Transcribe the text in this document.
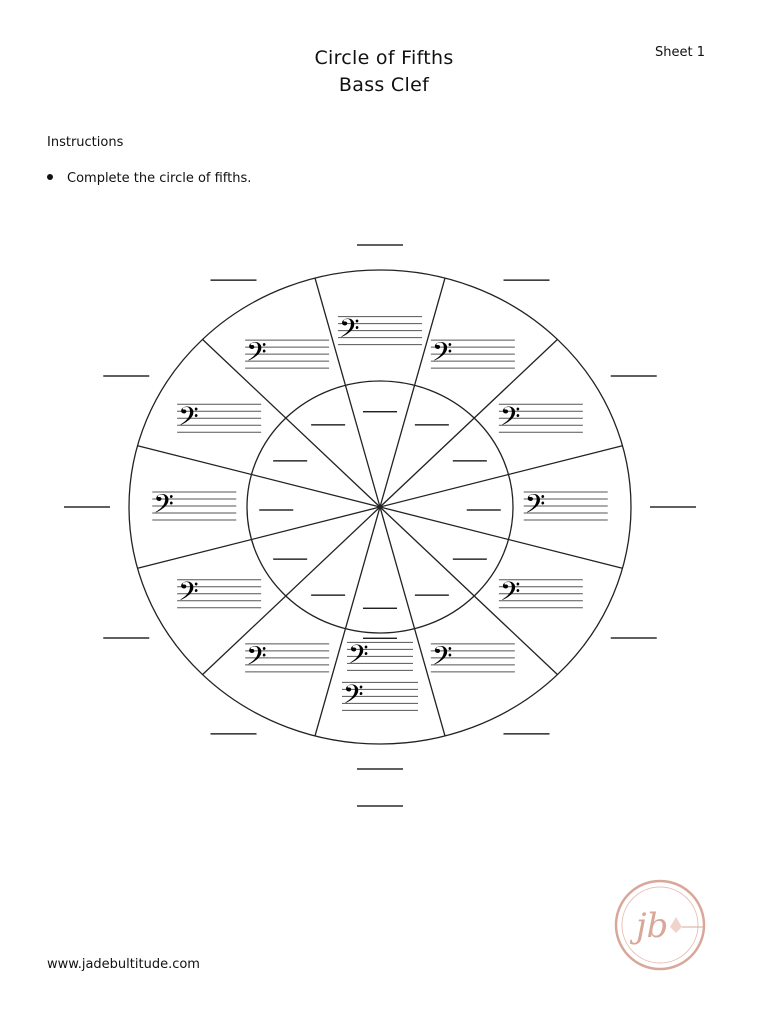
Circle of Fifths
Bass Clef
Sheet 1
Instructions
Complete the circle of fifths.
𝄢
𝄢
𝄢
𝄢
𝄢
𝄢
𝄢
𝄢
𝄢
𝄢
𝄢
𝄢
𝄢
jb
www.jadebultitude.com
